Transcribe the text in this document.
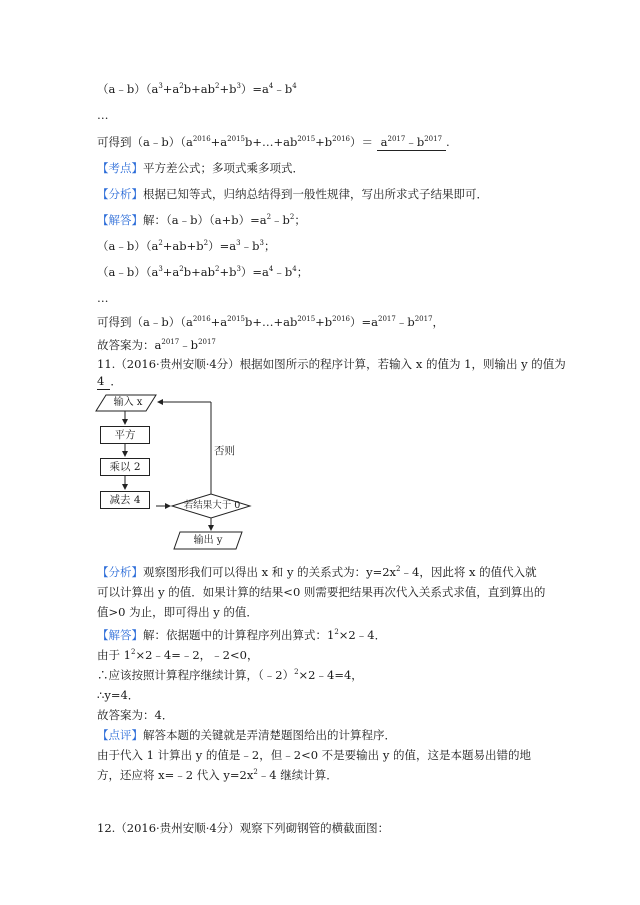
$(a﹣b)(a^3+a^2b+ab^2+b^3)=a^4﹣b^4$
…
可得到$(a﹣b)(a^{2016}+a^{2015}b+\dots+ab^{2015}+b^{2016})=$ $a^{2017}﹣b^{2017}$ .
【考点】平方差公式；多项式乘多项式．
【分析】根据已知等式，归纳总结得到一般性规律，写出所求式子结果即可．
【解答】解：$(a﹣b)(a+b)=a^2﹣b^2$；
$(a﹣b)(a^2+ab+b^2)=a^3﹣b^3$；
$(a﹣b)(a^3+a^2b+ab^2+b^3)=a^4﹣b^4$；
…
可得到$(a﹣b)(a^{2016}+a^{2015}b+\dots+ab^{2015}+b^{2016})=a^{2017}﹣b^{2017}$，
故答案为：$a^{2017}﹣b^{2017}$
11.（2016·贵州安顺·4分）根据如图所示的程序计算，若输入 x 的值为 1，则输出 y 的值为
4 ．
输入 x
平方
乘以 2
减去 4	若结果大于 0
否则
输出 y
【分析】观察图形我们可以得出 x 和 y 的关系式为：$y=2x^2﹣4$，因此将 x 的值代入就可以计算出 y 的值．如果计算的结果<0 则需要把结果再次代入关系式求值，直到算出的值>0 为止，即可得出 y 的值．
【解答】解：依据题中的计算程序列出算式：$1^2\times 2﹣4$．
由于 $1^2\times 2﹣4=﹣2$，﹣2<0，
∴应该按照计算程序继续计算，（﹣2）$^2$×2﹣4=4，
∴y=4．
故答案为：4．
【点评】解答本题的关键就是弄清楚题图给出的计算程序．
由于代入 1 计算出 y 的值是﹣2，但﹣2<0 不是要输出 y 的值，这是本题易出错的地方，还应将 x=﹣2 代入 $y=2x^2﹣4$ 继续计算．
12.（2016·贵州安顺·4分）观察下列砌钢管的横截面图：
